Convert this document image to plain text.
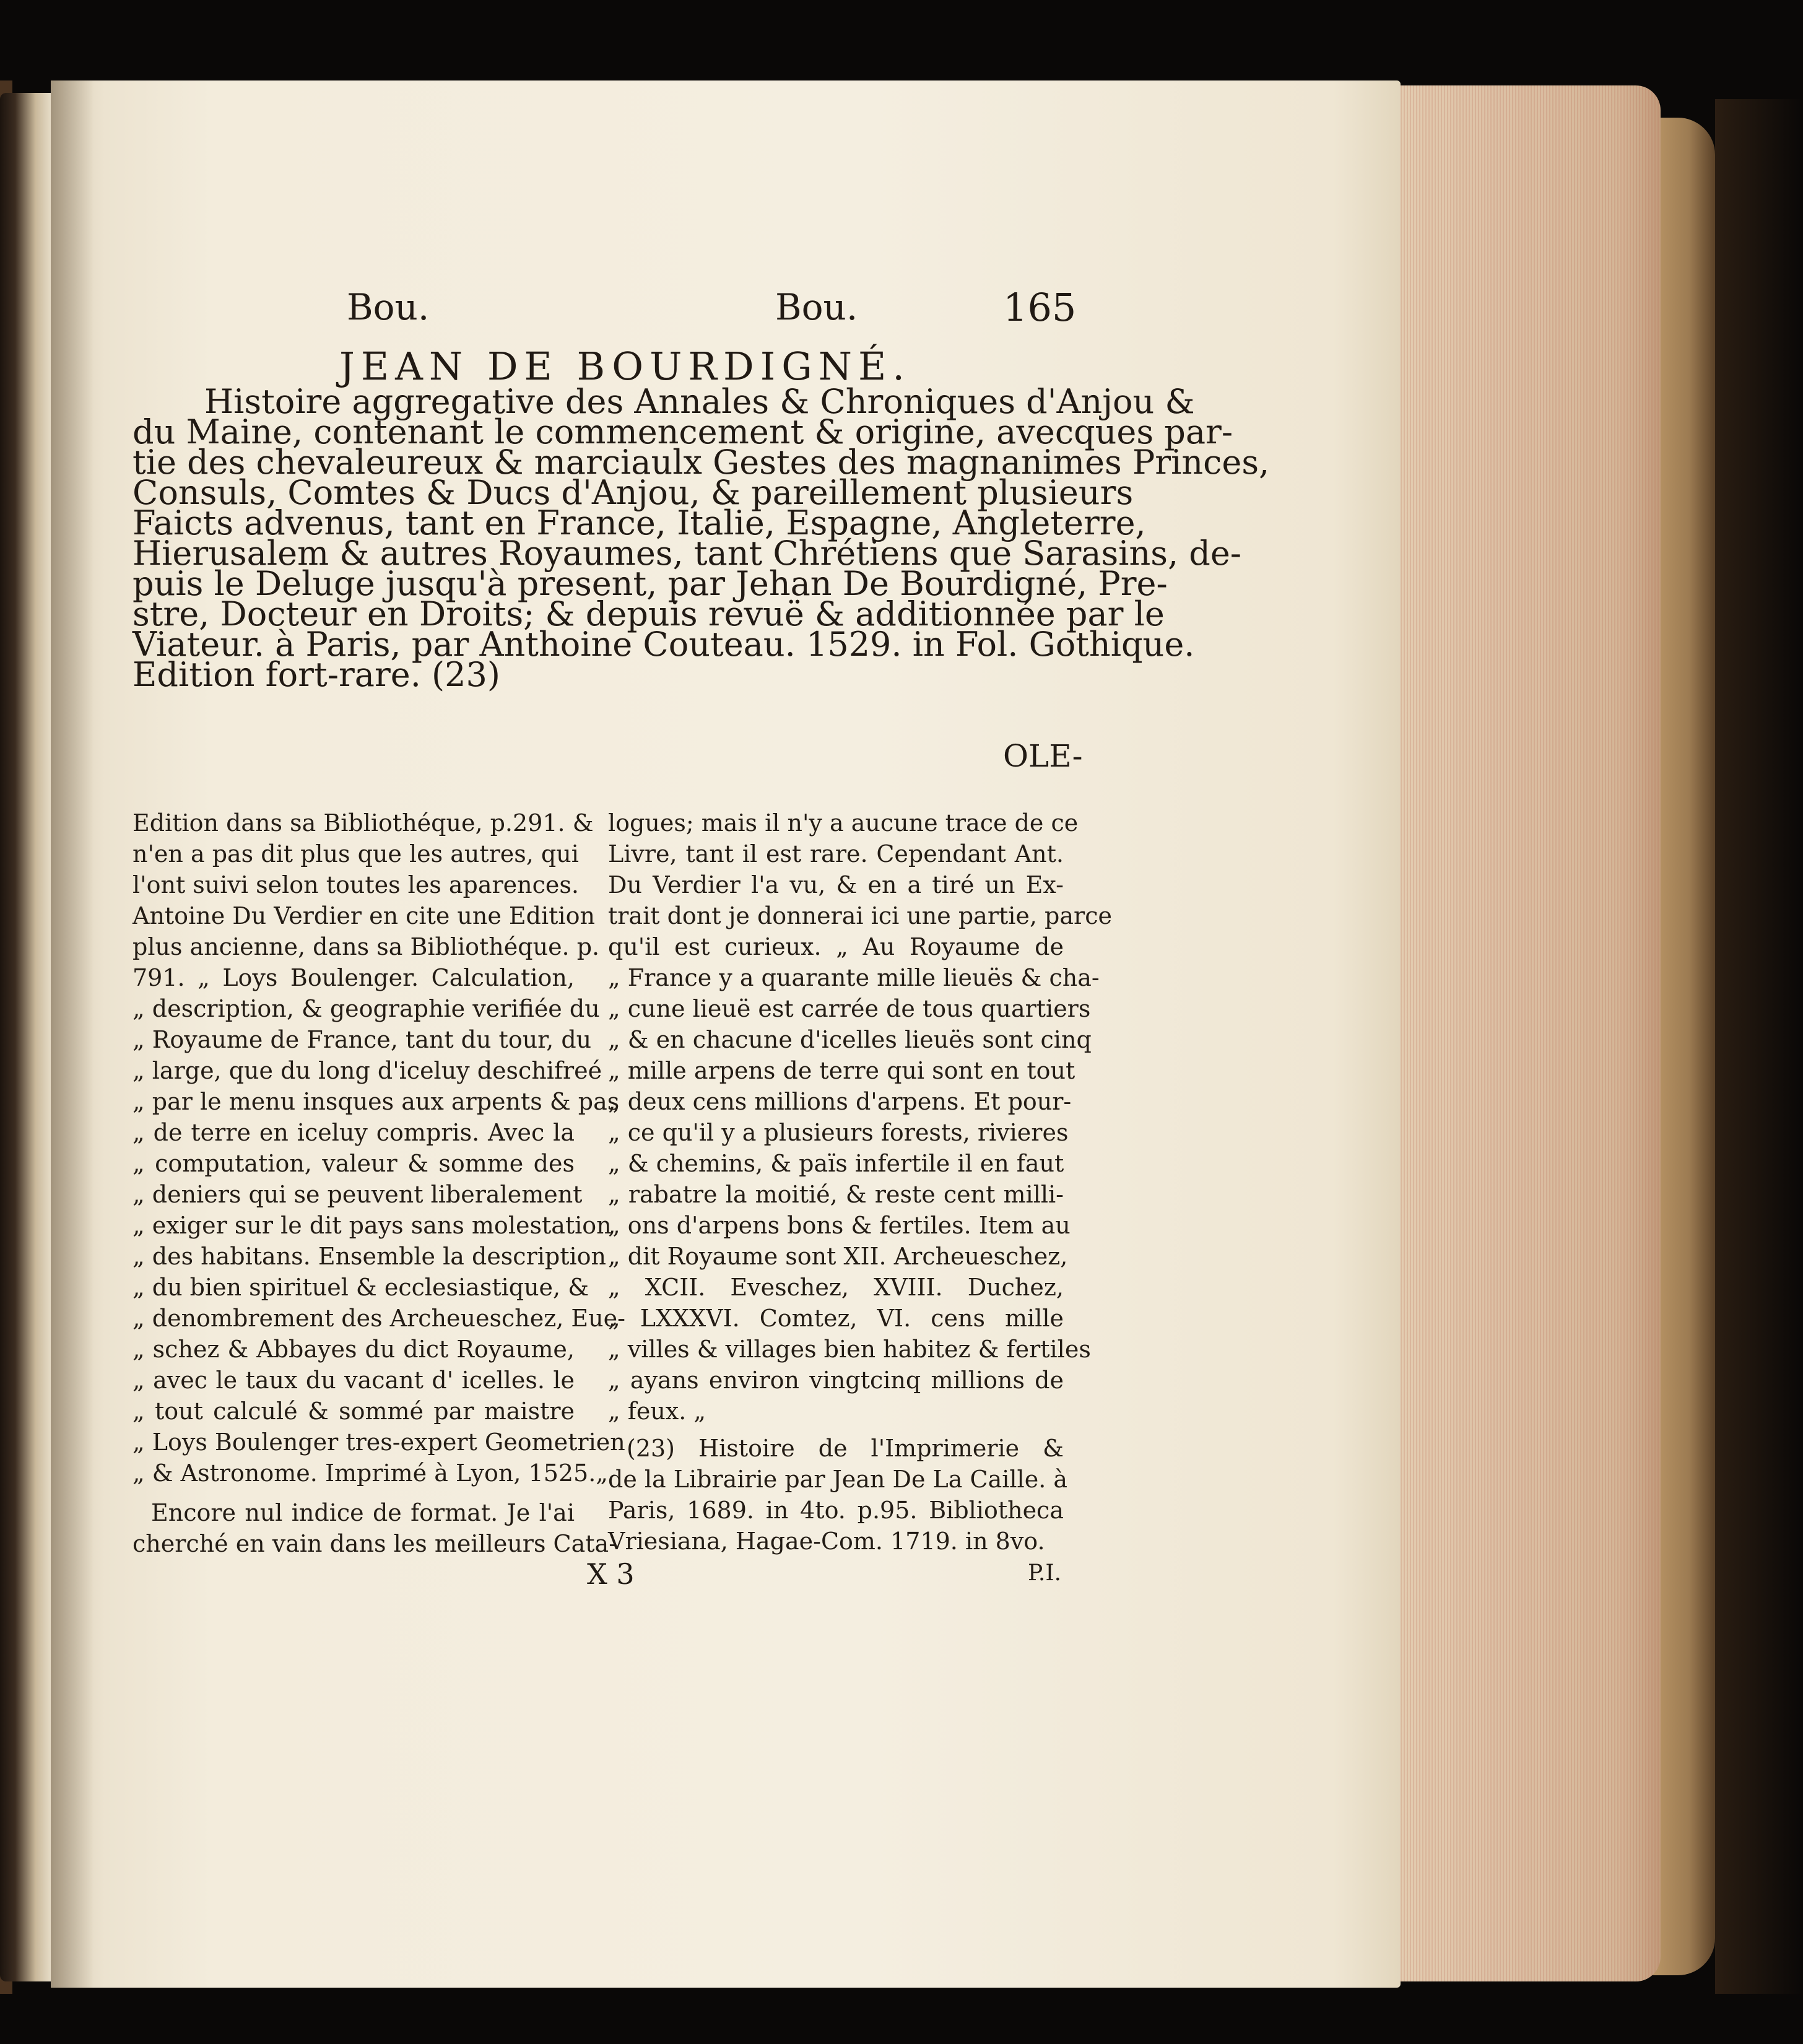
Bou.	Bou.	165
JEAN DE BOURDIGNÉ.
Histoire aggregative des Annales & Chroniques d'Anjou &
du Maine, contenant le commencement & origine, avecques par-
tie des chevaleureux & marciaulx Gestes des magnanimes Princes,
Consuls, Comtes & Ducs d'Anjou, & pareillement plusieurs
Faicts advenus, tant en France, Italie, Espagne, Angleterre,
Hierusalem & autres Royaumes, tant Chrétiens que Sarasins, de-
puis le Deluge jusqu'à present, par Jehan De Bourdigné, Pre-
stre, Docteur en Droits; & depuis revuë & additionnée par le
Viateur. à Paris, par Anthoine Couteau. 1529. in Fol. Gothique.
Edition fort-rare. (23)
OLE-
Edition dans sa Bibliothéque, p.291. &
n'en a pas dit plus que les autres, qui
l'ont suivi selon toutes les aparences.
Antoine Du Verdier en cite une Edition
plus ancienne, dans sa Bibliothéque. p.
791. „ Loys Boulenger. Calculation,
„ description, & geographie verifiée du
„ Royaume de France, tant du tour, du
„ large, que du long d'iceluy deschifreé
„ par le menu insques aux arpents & pas
„ de terre en iceluy compris. Avec la
„ computation, valeur & somme des
„ deniers qui se peuvent liberalement
„ exiger sur le dit pays sans molestation
„ des habitans. Ensemble la description
„ du bien spirituel & ecclesiastique, &
„ denombrement des Archeueschez, Eue-
„ schez & Abbayes du dict Royaume,
„ avec le taux du vacant d' icelles. le
„ tout calculé & sommé par maistre
„ Loys Boulenger tres-expert Geometrien
„ & Astronome. Imprimé à Lyon, 1525.„
Encore nul indice de format. Je l'ai
cherché en vain dans les meilleurs Cata-
logues; mais il n'y a aucune trace de ce
Livre, tant il est rare. Cependant Ant.
Du Verdier l'a vu, & en a tiré un Ex-
trait dont je donnerai ici une partie, parce
qu'il est curieux. „ Au Royaume de
„ France y a quarante mille lieuës & cha-
„ cune lieuë est carrée de tous quartiers
„ & en chacune d'icelles lieuës sont cinq
„ mille arpens de terre qui sont en tout
„ deux cens millions d'arpens. Et pour-
„ ce qu'il y a plusieurs forests, rivieres
„ & chemins, & païs infertile il en faut
„ rabatre la moitié, & reste cent milli-
„ ons d'arpens bons & fertiles. Item au
„ dit Royaume sont XII. Archeueschez,
„ XCII. Eveschez, XVIII. Duchez,
„ LXXXVI. Comtez, VI. cens mille
„ villes & villages bien habitez & fertiles
„ ayans environ vingtcinq millions de
„ feux. „
(23) Histoire de l'Imprimerie &
de la Librairie par Jean De La Caille. à
Paris, 1689. in 4to. p.95. Bibliotheca
Vriesiana, Hagae-Com. 1719. in 8vo.
X 3	P.I.
